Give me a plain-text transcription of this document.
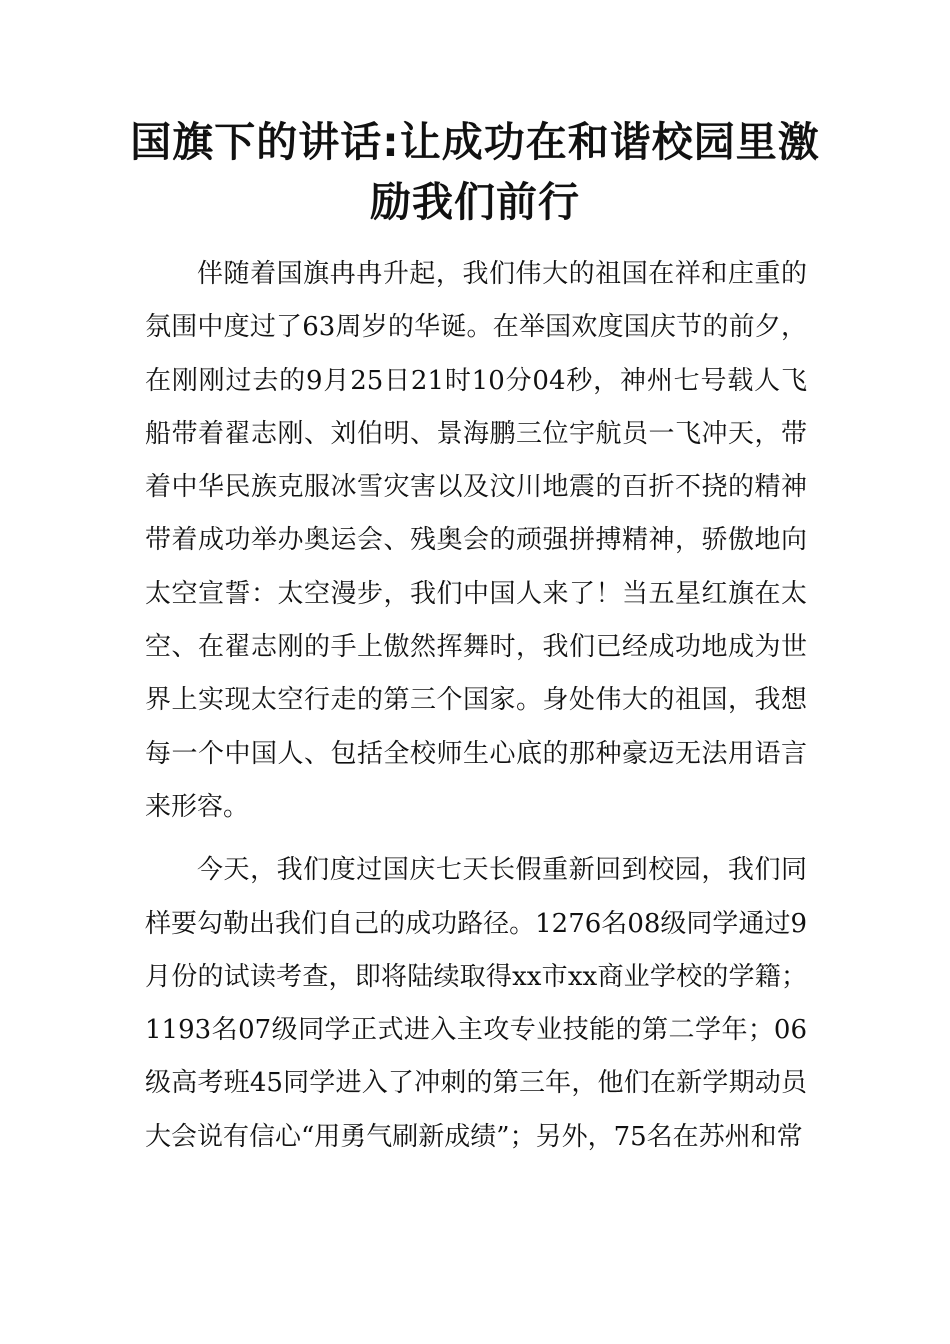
国旗下的讲话:让成功在和谐校园里激励我们前行

伴随着国旗冉冉升起，我们伟大的祖国在祥和庄重的氛围中度过了63周岁的华诞。在举国欢度国庆节的前夕，在刚刚过去的9月25日21时10分04秒，神州七号载人飞船带着翟志刚、刘伯明、景海鹏三位宇航员一飞冲天，带着中华民族克服冰雪灾害以及汶川地震的百折不挠的精神带着成功举办奥运会、残奥会的顽强拼搏精神，骄傲地向太空宣誓：太空漫步，我们中国人来了！当五星红旗在太空、在翟志刚的手上傲然挥舞时，我们已经成功地成为世界上实现太空行走的第三个国家。身处伟大的祖国，我想每一个中国人、包括全校师生心底的那种豪迈无法用语言来形容。

今天，我们度过国庆七天长假重新回到校园，我们同样要勾勒出我们自己的成功路径。1276名08级同学通过9月份的试读考查，即将陆续取得xx市xx商业学校的学籍；1193名07级同学正式进入主攻专业技能的第二学年；06级高考班45同学进入了冲刺的第三年，他们在新学期动员大会说有信心“用勇气刷新成绩”；另外，75名在苏州和常
